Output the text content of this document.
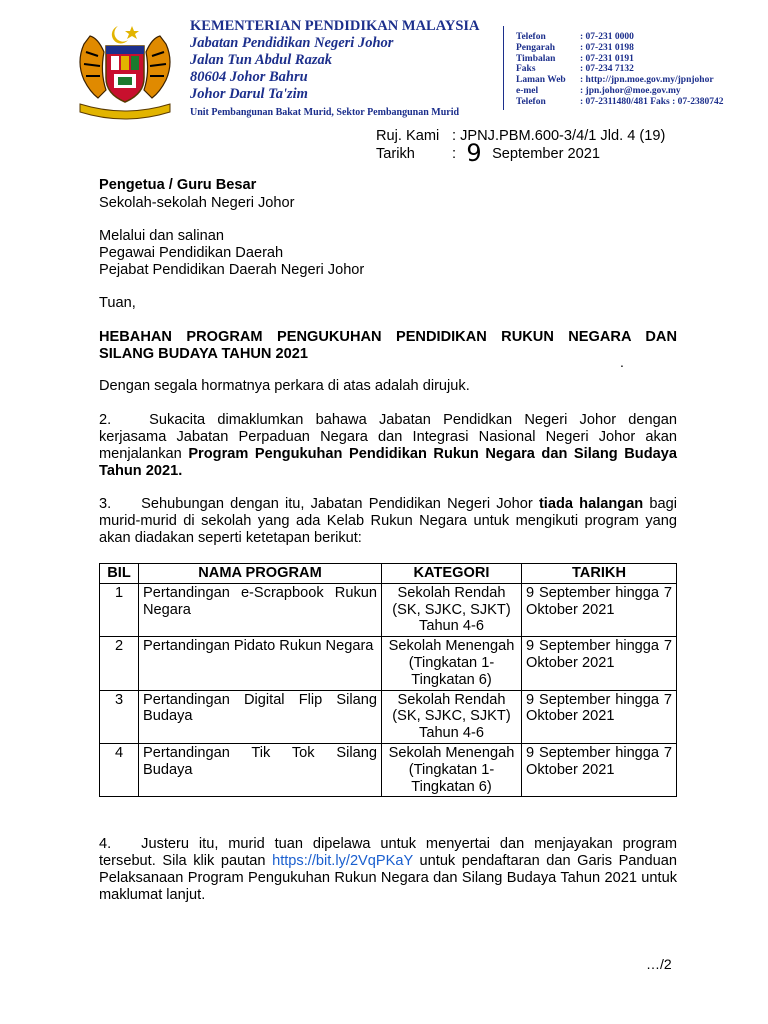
KEMENTERIAN PENDIDIKAN MALAYSIA
Jabatan Pendidikan Negeri Johor
Jalan Tun Abdul Razak
80604 Johor Bahru
Johor Darul Ta'zim
Unit Pembangunan Bakat Murid, Sektor Pembangunan Murid
Telefon	: 07-231 0000
Pengarah	: 07-231 0198
Timbalan	: 07-231 0191
Faks	: 07-234 7132
Laman Web : http://jpn.moe.gov.my/jpnjohor
e-mel	: jpn.johor@moe.gov.my
Telefon	: 07-2311480/481 Faks : 07-2380742
Ruj. Kami : JPNJ.PBM.600-3/4/1 Jld. 4 (19)
Tarikh	: 9 September 2021
Pengetua / Guru Besar
Sekolah-sekolah Negeri Johor
Melalui dan salinan
Pegawai Pendidikan Daerah
Pejabat Pendidikan Daerah Negeri Johor
Tuan,
HEBAHAN PROGRAM PENGUKUHAN PENDIDIKAN RUKUN NEGARA DAN
SILANG BUDAYA TAHUN 2021	.
Dengan segala hormatnya perkara di atas adalah dirujuk.
2.	Sukacita dimaklumkan bahawa Jabatan Pendidkan Negeri Johor dengan kerjasama Jabatan Perpaduan Negara dan Integrasi Nasional Negeri Johor akan menjalankan Program Pengukuhan Pendidikan Rukun Negara dan Silang Budaya Tahun 2021.
3. Sehubungan dengan itu, Jabatan Pendidikan Negeri Johor tiada halangan bagi murid-murid di sekolah yang ada Kelab Rukun Negara untuk mengikuti program yang akan diadakan seperti ketetapan berikut:
BIL	NAMA PROGRAM	KATEGORI	TARIKH
1	Pertandingan e-Scrapbook Rukun Negara	Sekolah Rendah (SK, SJKC, SJKT) Tahun 4-6	9 September hingga 7 Oktober 2021
2	Pertandingan Pidato Rukun Negara	Sekolah Menengah (Tingkatan 1- Tingkatan 6)	9 September hingga 7 Oktober 2021
3	Pertandingan Digital Flip Silang Budaya	Sekolah Rendah (SK, SJKC, SJKT) Tahun 4-6	9 September hingga 7 Oktober 2021
4	Pertandingan Tik Tok Silang Budaya	Sekolah Menengah (Tingkatan 1- Tingkatan 6)	9 September hingga 7 Oktober 2021
4. Justeru itu, murid tuan dipelawa untuk menyertai dan menjayakan program tersebut. Sila klik pautan https://bit.ly/2VqPKaY untuk pendaftaran dan Garis Panduan Pelaksanaan Program Pengukuhan Rukun Negara dan Silang Budaya Tahun 2021 untuk maklumat lanjut.
…/2
